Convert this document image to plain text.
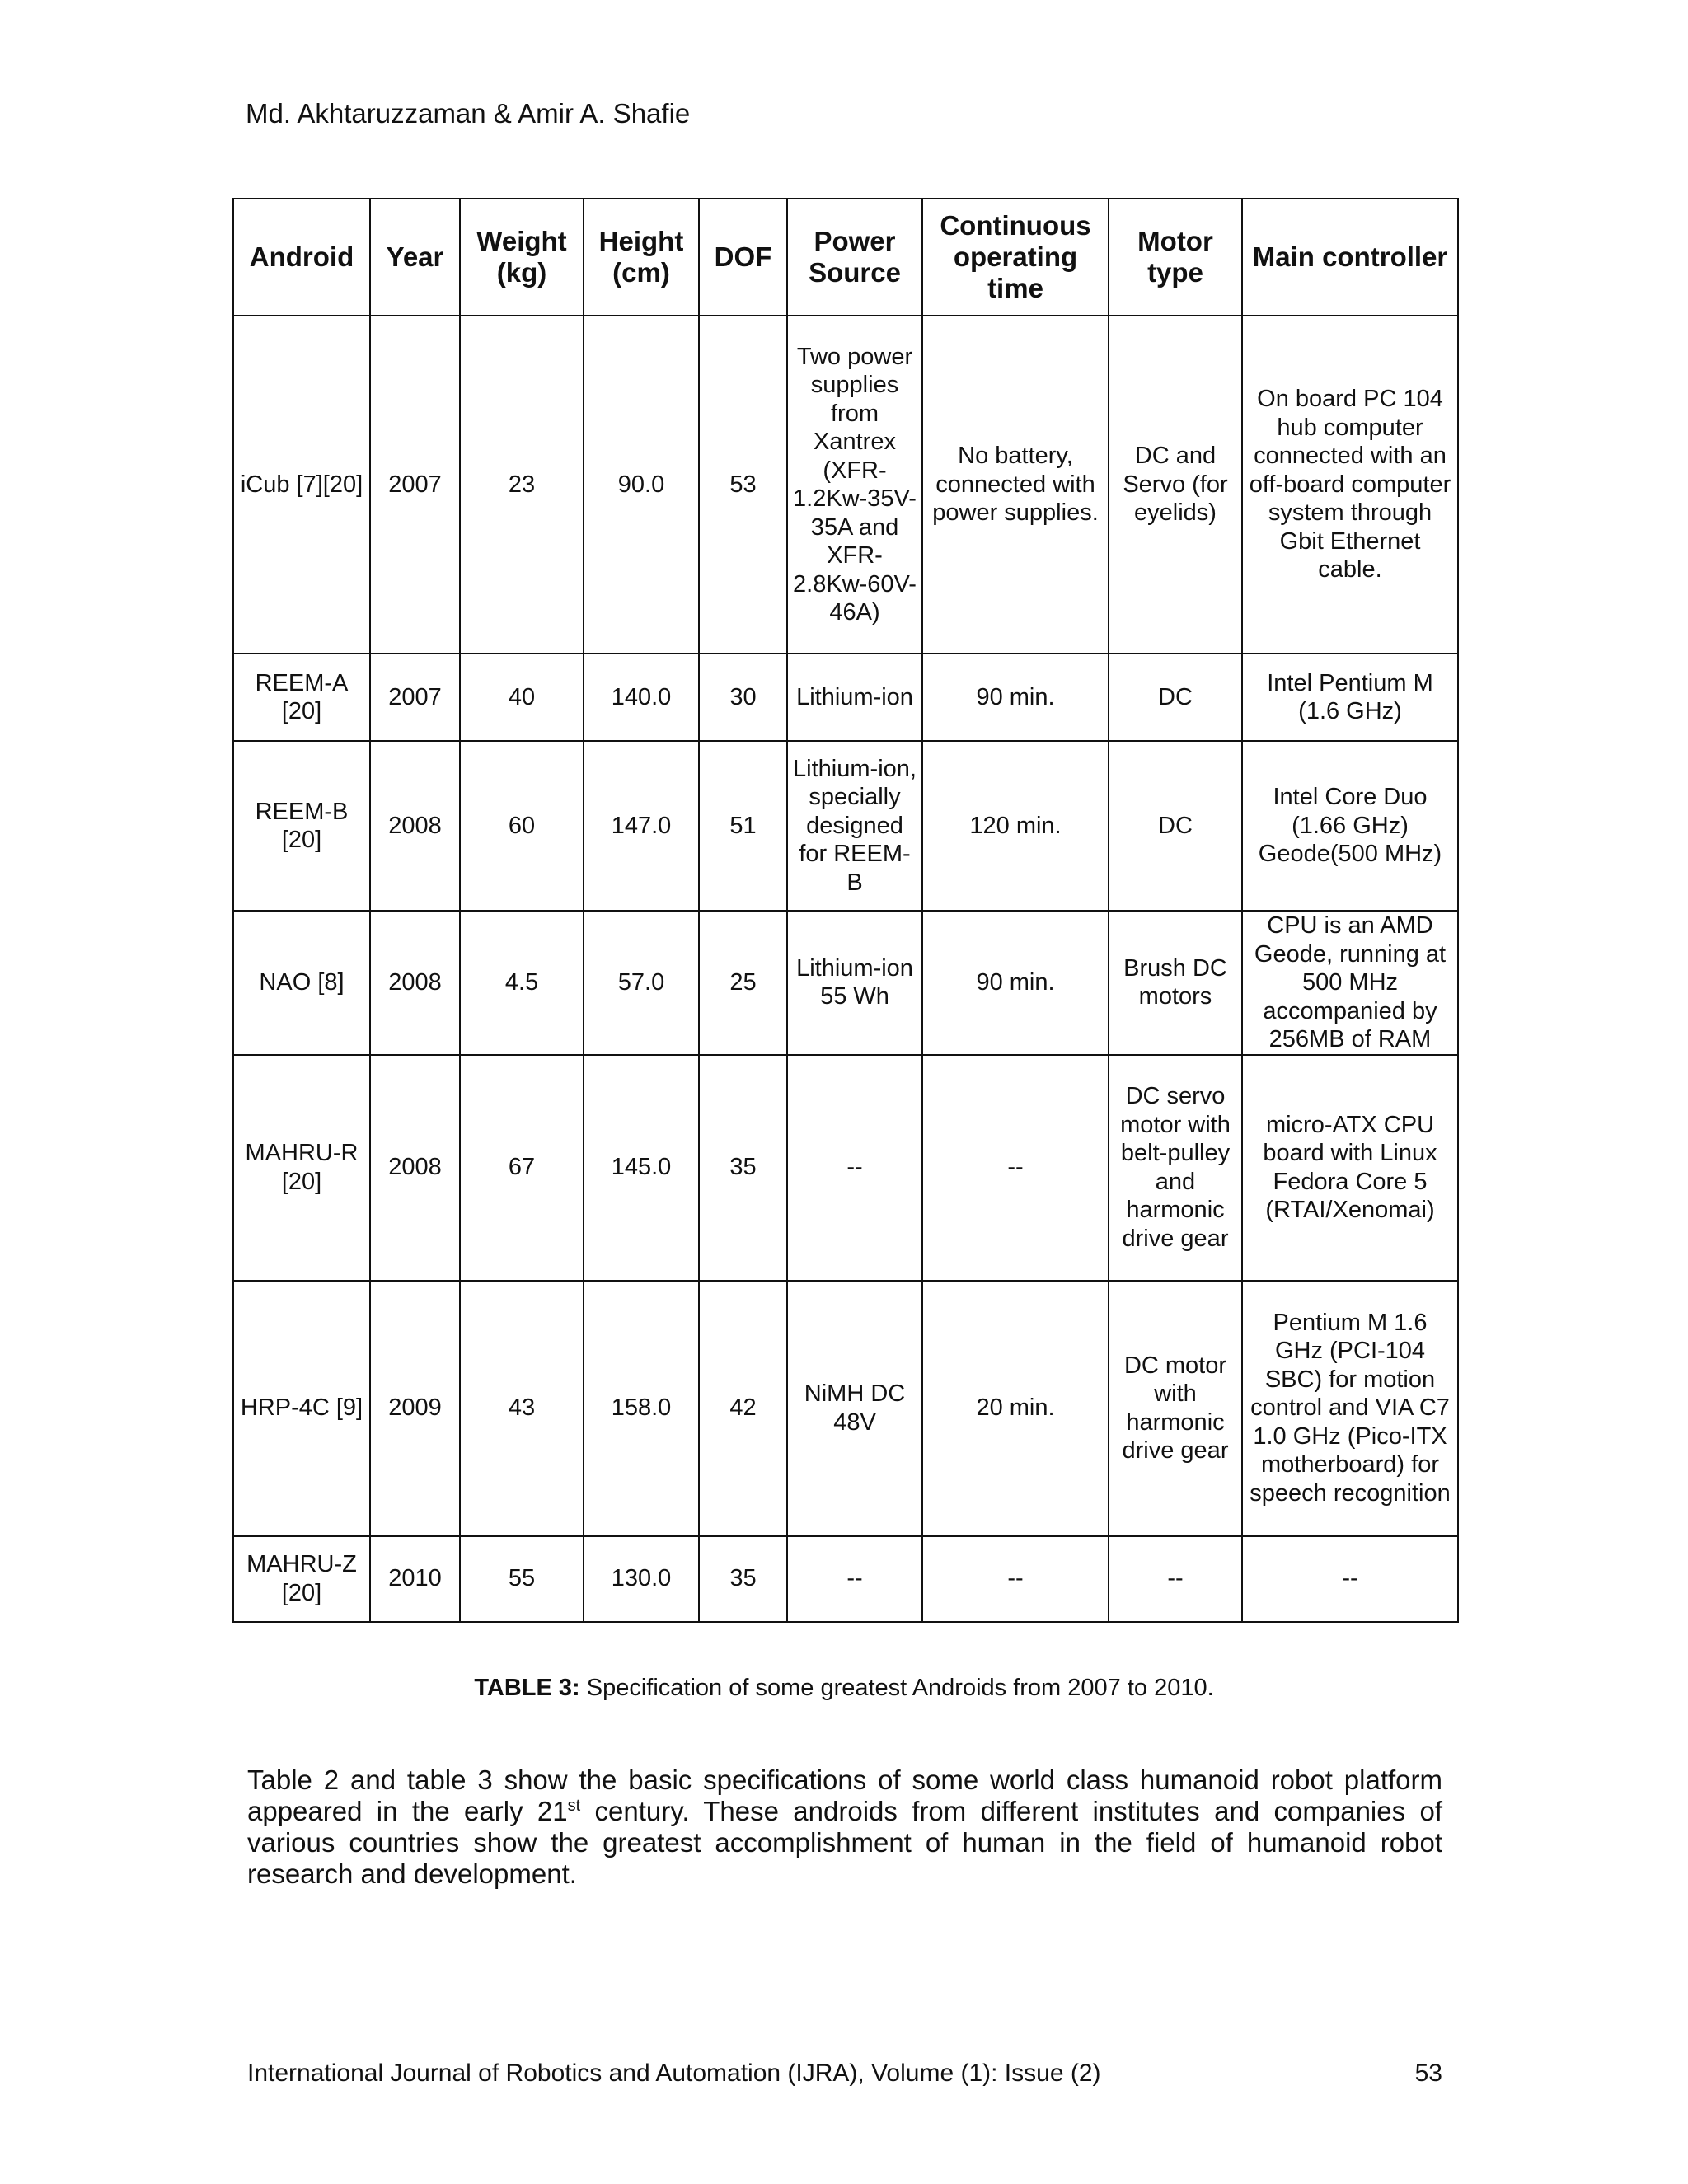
Md. Akhtaruzzaman & Amir A. Shafie
Android	Year	Weight (kg)	Height (cm)	DOF	Power Source	Continuous operating time	Motor type	Main controller
iCub [7][20]	2007	23	90.0	53	Two power supplies from Xantrex (XFR-1.2Kw-35V-35A and XFR-2.8Kw-60V-46A)	No battery, connected with power supplies.	DC and Servo (for eyelids)	On board PC 104 hub computer connected with an off-board computer system through Gbit Ethernet cable.
REEM-A [20]	2007	40	140.0	30	Lithium-ion	90 min.	DC	Intel Pentium M (1.6 GHz)
REEM-B [20]	2008	60	147.0	51	Lithium-ion, specially designed for REEM-B	120 min.	DC	Intel Core Duo (1.66 GHz) Geode(500 MHz)
NAO [8]	2008	4.5	57.0	25	Lithium-ion 55 Wh	90 min.	Brush DC motors	CPU is an AMD Geode, running at 500 MHz accompanied by 256MB of RAM
MAHRU-R [20]	2008	67	145.0	35	--	--	DC servo motor with belt-pulley and harmonic drive gear	micro-ATX CPU board with Linux Fedora Core 5 (RTAI/Xenomai)
HRP-4C [9]	2009	43	158.0	42	NiMH DC 48V	20 min.	DC motor with harmonic drive gear	Pentium M 1.6 GHz (PCI-104 SBC) for motion control and VIA C7 1.0 GHz (Pico-ITX motherboard) for speech recognition
MAHRU-Z [20]	2010	55	130.0	35	--	--	--	--
TABLE 3: Specification of some greatest Androids from 2007 to 2010.
Table 2 and table 3 show the basic specifications of some world class humanoid robot platform appeared in the early 21st century. These androids from different institutes and companies of various countries show the greatest accomplishment of human in the field of humanoid robot research and development.
International Journal of Robotics and Automation (IJRA), Volume (1): Issue (2)	53
